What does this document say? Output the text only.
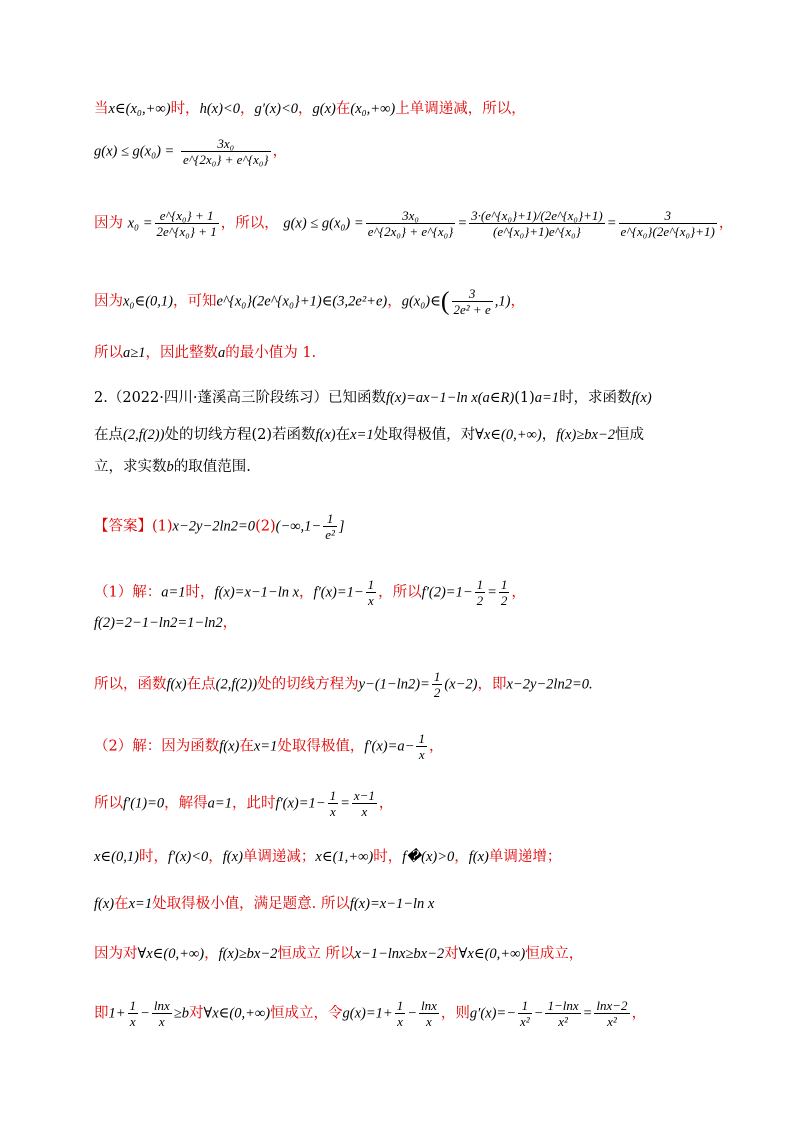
当x∈(x₀,+∞)时，h(x)<0，g′(x)<0，g(x)在(x₀,+∞)上单调递减，所以，
$g(x) \le g(x_0) = \frac{\text{3x₀}}{\text{e\textasciicircum{}\{2x₀\} + e\textasciicircum{}\{x₀\}}}$ ，
因为 $x_0 = \frac{\text{e\textasciicircum{}\{x₀\} + 1}}{\text{2e\textasciicircum{}\{x₀\} + 1}}$ ，所以， $g(x) \le g(x_0) = \frac{\text{3x₀}}{\text{e\textasciicircum{}\{2x₀\} + e\textasciicircum{}\{x₀\}}} = \frac{\text{3·(e\textasciicircum{}\{x₀\}+1)/(2e\textasciicircum{}\{x₀\}+1)}}{\text{(e\textasciicircum{}\{x₀\}+1)e\textasciicircum{}\{x₀\}}} = \frac{3}{\text{e\textasciicircum{}\{x₀\}(2e\textasciicircum{}\{x₀\}+1)}}$ ，
因为x₀∈(0,1)，可知e^{x₀}(2e^{x₀}+1)∈(3,2e²+e)，g(x₀)∈( $\frac{3}{\text{2e² + e}} ,1$)，
所以a≥1，因此整数a的最小值为 1.
2.（2022·四川·蓬溪高三阶段练习）已知函数f(x)=ax−1−ln x(a∈R)(1)a=1时，求函数f(x)
在点(2,f(2))处的切线方程(2)若函数f(x)在x=1处取得极值，对∀x∈(0,+∞)，f(x)≥bx−2恒成
立，求实数b的取值范围.
【答案】$(1)x-2y-2\ln 2=0(2)(-\infty,1- \frac{1}{\text{e²}}$ ]
（1）解：a=1时，f(x)=x−1−ln x，$f'(x)=1- \frac{1}{x}$ ，所以$f'(2)=1- \frac{1}{2} = \frac{1}{2}$ ，
f(2)=2−1−ln2=1−ln2，
所以，函数f(x)在点(2,f(2))处的切线方程为$y-(1-\ln 2)= \frac{1}{2} (x-2)$，即x−2y−2ln2=0.
（2）解：因为函数f(x)在x=1处取得极值，$f'(x)=a- \frac{1}{x}$ ，
所以f′(1)=0，解得a=1，此时$f'(x)=1- \frac{1}{x} = \frac{x-1}{x}$ ，
x∈(0,1)时，f′(x)<0，f(x)单调递减；x∈(1,+∞)时，f�(x)>0，f(x)单调递增；
f(x)在x=1处取得极小值，满足题意. 所以f(x)=x−1−ln x
因为对∀x∈(0,+∞)，f(x)≥bx−2恒成立 所以x−1−lnx≥bx−2对∀x∈(0,+∞)恒成立，
即$1+ \frac{1}{x} - \frac{\ln x}{x} \ge b$对∀x∈(0,+∞)恒成立，令$g(x)=1+ \frac{1}{x} - \frac{\ln x}{x}$ ，则$g'(x)=- \frac{1}{\text{x²}} - \frac{1-\ln x}{\text{x²}} = \frac{\ln x-2}{\text{x²}}$ ，
